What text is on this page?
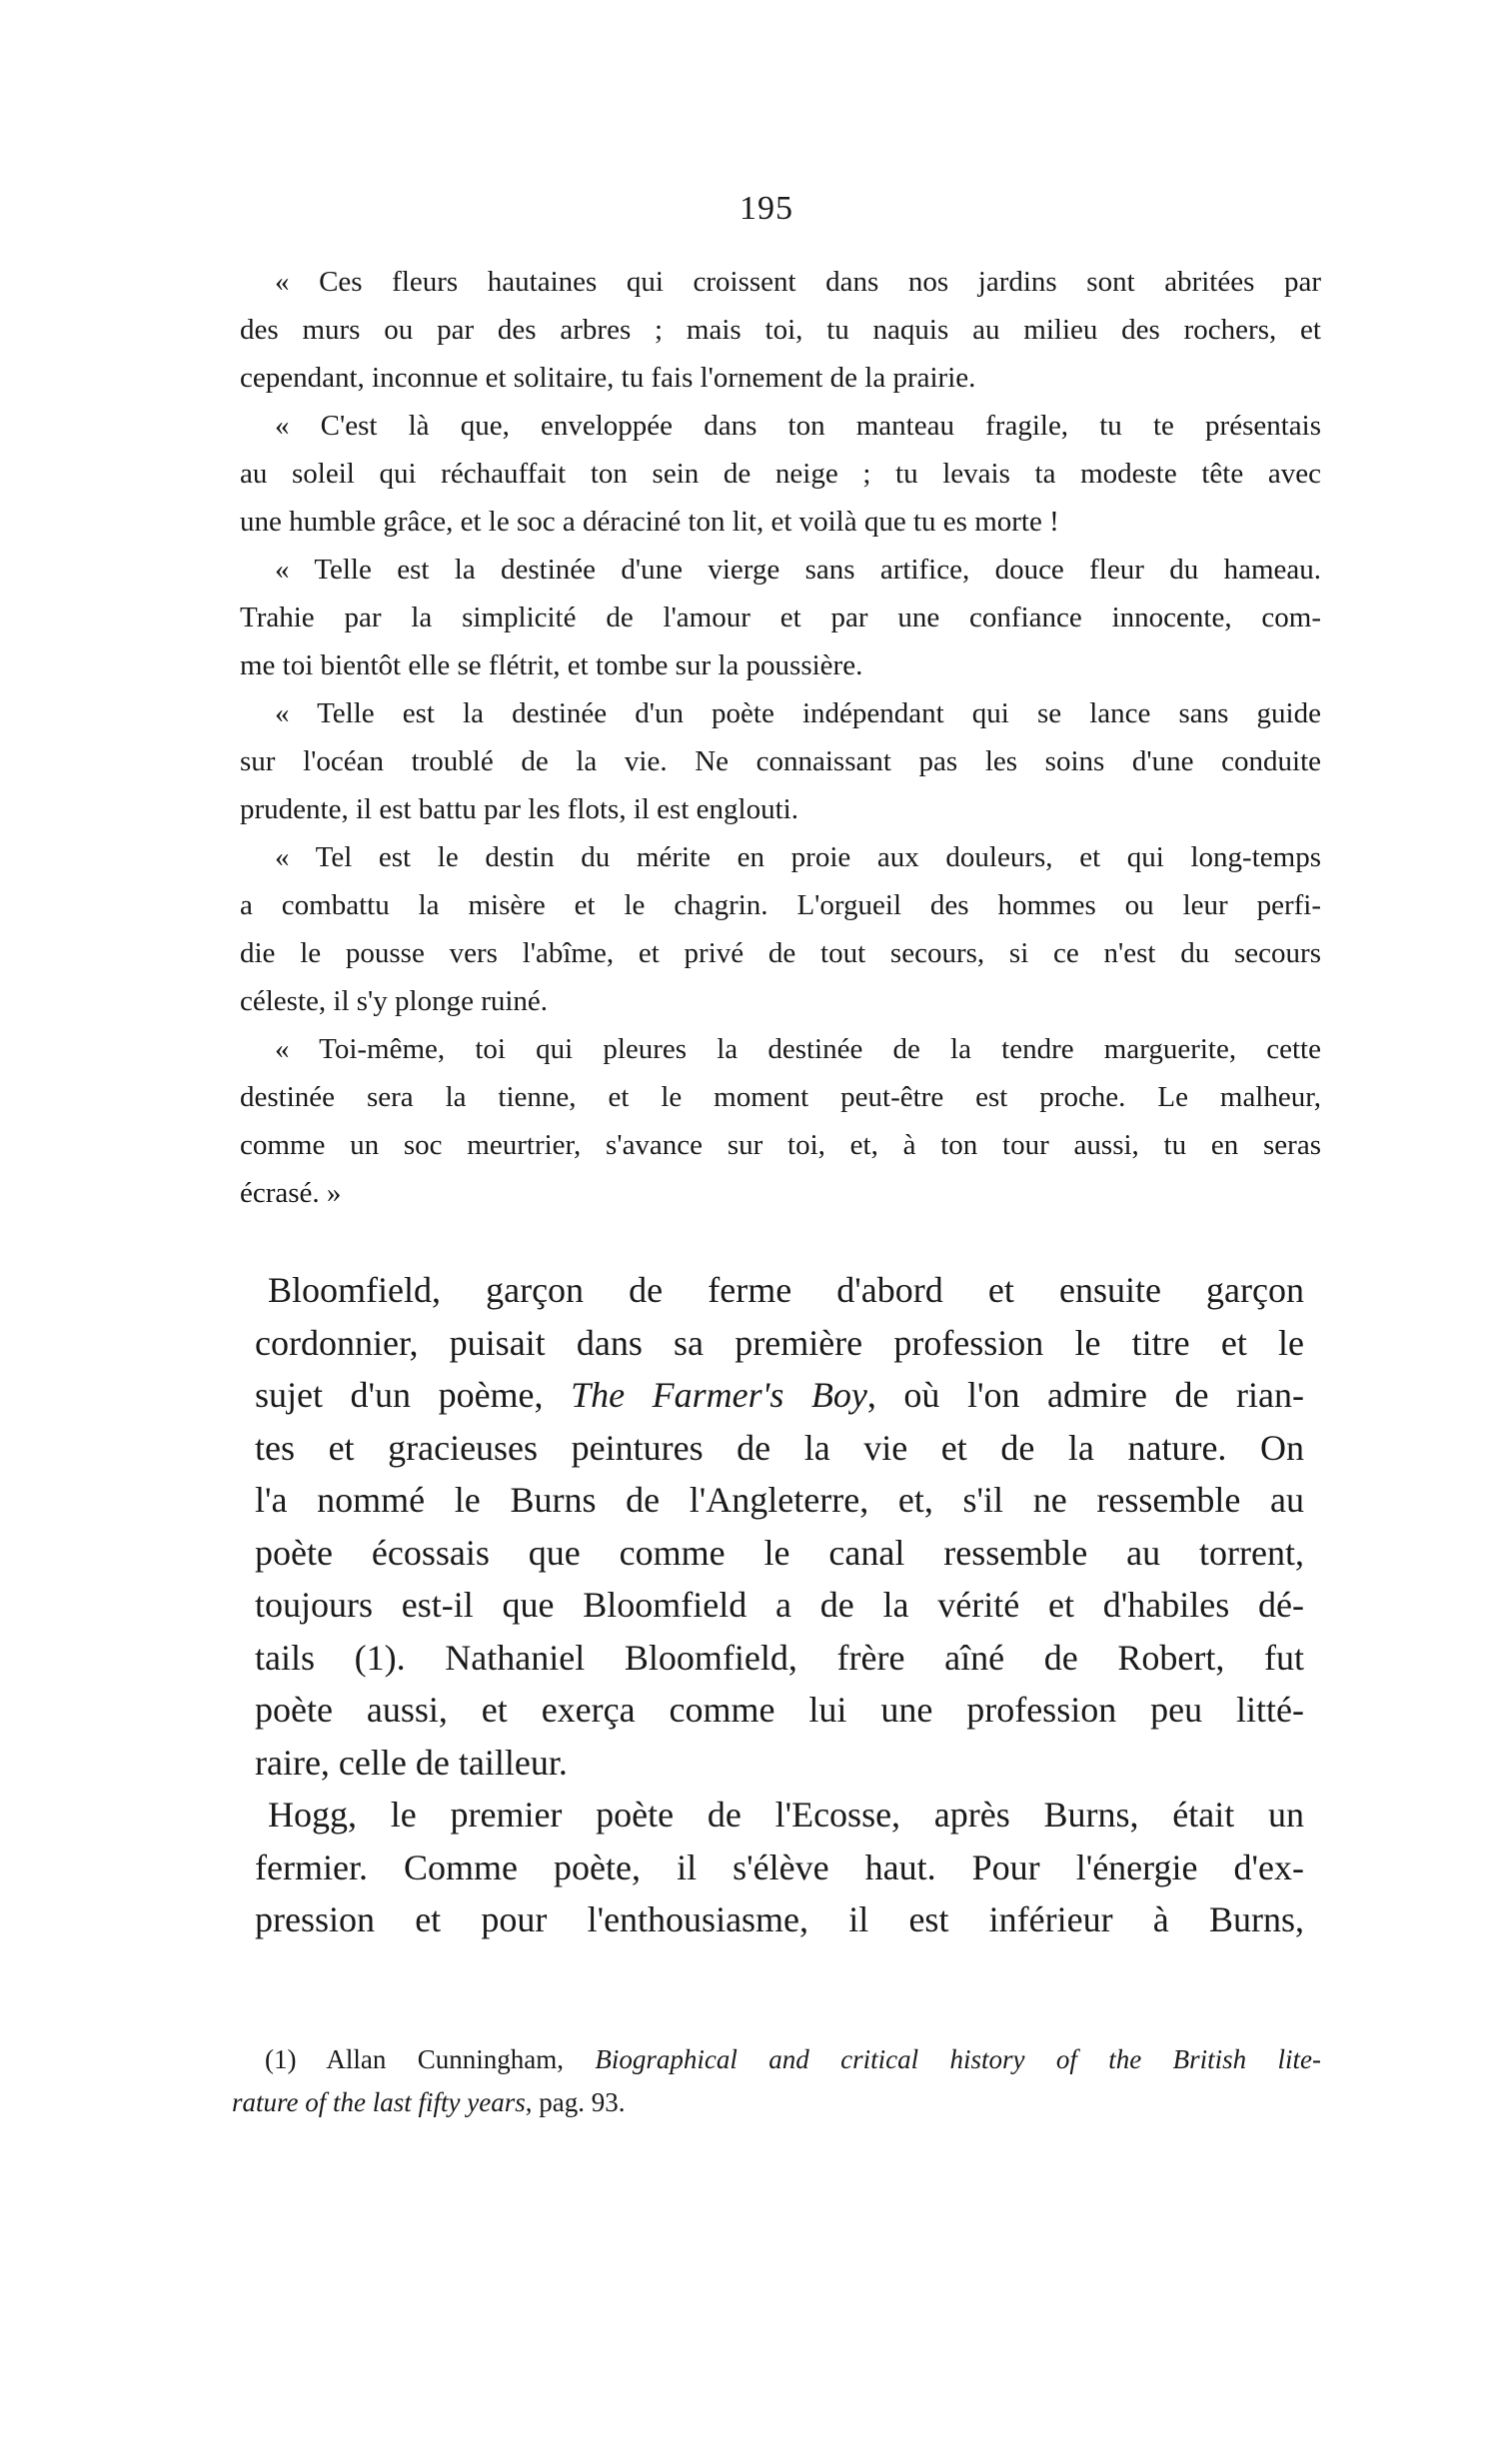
195
« Ces fleurs hautaines qui croissent dans nos jardins sont abritées par
des murs ou par des arbres ; mais toi, tu naquis au milieu des rochers, et
cependant, inconnue et solitaire, tu fais l'ornement de la prairie.
« C'est là que, enveloppée dans ton manteau fragile, tu te présentais
au soleil qui réchauffait ton sein de neige ; tu levais ta modeste tête avec
une humble grâce, et le soc a déraciné ton lit, et voilà que tu es morte !
« Telle est la destinée d'une vierge sans artifice, douce fleur du hameau.
Trahie par la simplicité de l'amour et par une confiance innocente, com-
me toi bientôt elle se flétrit, et tombe sur la poussière.
« Telle est la destinée d'un poète indépendant qui se lance sans guide
sur l'océan troublé de la vie. Ne connaissant pas les soins d'une conduite
prudente, il est battu par les flots, il est englouti.
« Tel est le destin du mérite en proie aux douleurs, et qui long-temps
a combattu la misère et le chagrin. L'orgueil des hommes ou leur perfi-
die le pousse vers l'abîme, et privé de tout secours, si ce n'est du secours
céleste, il s'y plonge ruiné.
« Toi-même, toi qui pleures la destinée de la tendre marguerite, cette
destinée sera la tienne, et le moment peut-être est proche. Le malheur,
comme un soc meurtrier, s'avance sur toi, et, à ton tour aussi, tu en seras
écrasé. »
Bloomfield, garçon de ferme d'abord et ensuite garçon
cordonnier, puisait dans sa première profession le titre et le
sujet d'un poème, The Farmer's Boy, où l'on admire de rian-
tes et gracieuses peintures de la vie et de la nature. On
l'a nommé le Burns de l'Angleterre, et, s'il ne ressemble au
poète écossais que comme le canal ressemble au torrent,
toujours est-il que Bloomfield a de la vérité et d'habiles dé-
tails (1). Nathaniel Bloomfield, frère aîné de Robert, fut
poète aussi, et exerça comme lui une profession peu litté-
raire, celle de tailleur.
Hogg, le premier poète de l'Ecosse, après Burns, était un
fermier. Comme poète, il s'élève haut. Pour l'énergie d'ex-
pression et pour l'enthousiasme, il est inférieur à Burns,
(1) Allan Cunningham, Biographical and critical history of the British lite-
rature of the last fifty years, pag. 93.
